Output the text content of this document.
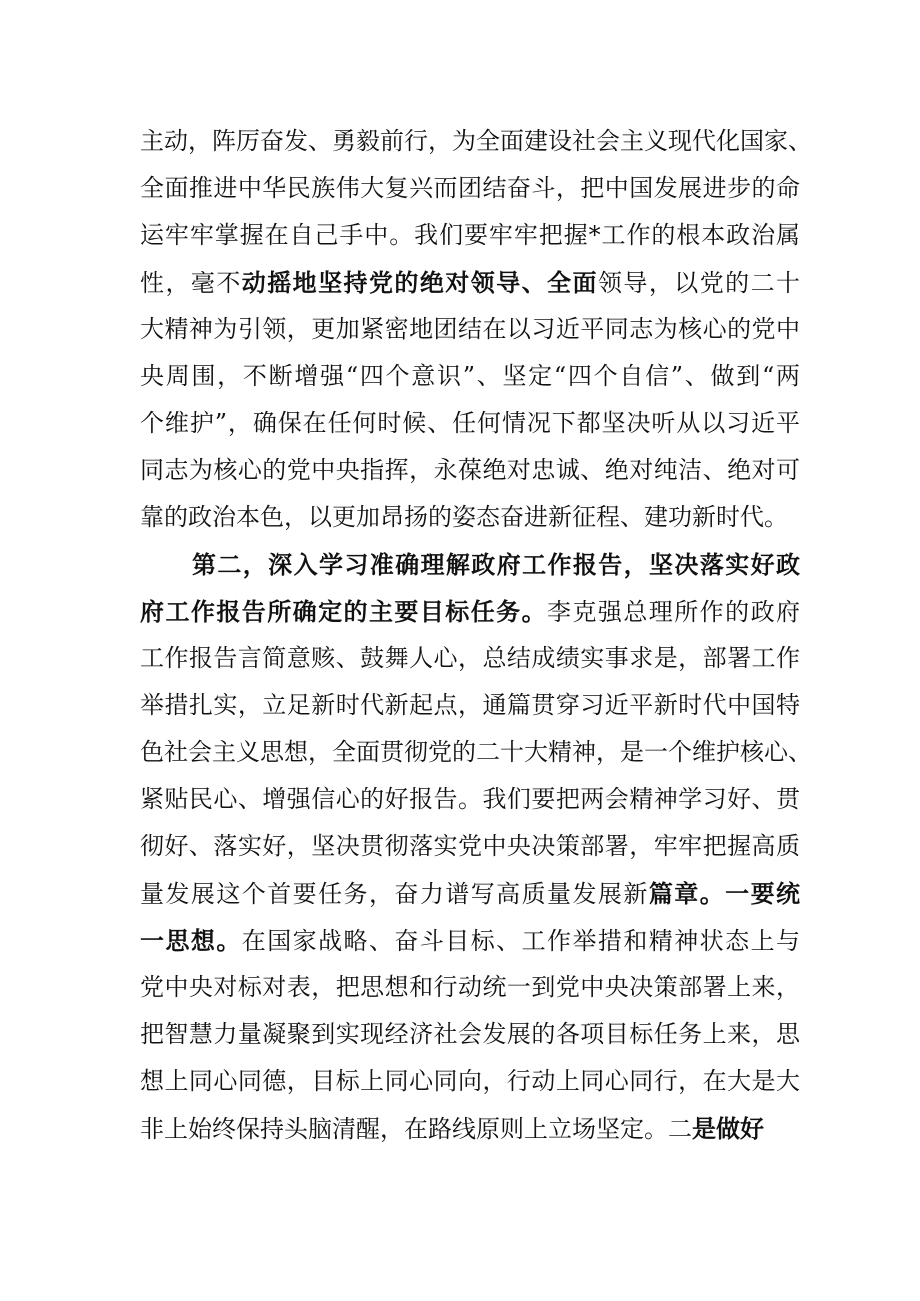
主动，阵厉奋发、勇毅前行，为全面建设社会主义现代化国家、
全面推进中华民族伟大复兴而团结奋斗，把中国发展进步的命
运牢牢掌握在自己手中。我们要牢牢把握*工作的根本政治属
性，毫不动摇地坚持党的绝对领导、全面领导，以党的二十
大精神为引领，更加紧密地团结在以习近平同志为核心的党中
央周围，不断增强“四个意识”、坚定“四个自信”、做到“两
个维护”，确保在任何时候、任何情况下都坚决听从以习近平
同志为核心的党中央指挥，永葆绝对忠诚、绝对纯洁、绝对可
靠的政治本色，以更加昂扬的姿态奋进新征程、建功新时代。
第二，深入学习准确理解政府工作报告，坚决落实好政
府工作报告所确定的主要目标任务。李克强总理所作的政府
工作报告言简意赅、鼓舞人心，总结成绩实事求是，部署工作
举措扎实，立足新时代新起点，通篇贯穿习近平新时代中国特
色社会主义思想，全面贯彻党的二十大精神，是一个维护核心、
紧贴民心、增强信心的好报告。我们要把两会精神学习好、贯
彻好、落实好，坚决贯彻落实党中央决策部署，牢牢把握高质
量发展这个首要任务，奋力谱写高质量发展新篇章。一要统
一思想。在国家战略、奋斗目标、工作举措和精神状态上与
党中央对标对表，把思想和行动统一到党中央决策部署上来，
把智慧力量凝聚到实现经济社会发展的各项目标任务上来，思
想上同心同德，目标上同心同向，行动上同心同行，在大是大
非上始终保持头脑清醒，在路线原则上立场坚定。二是做好
